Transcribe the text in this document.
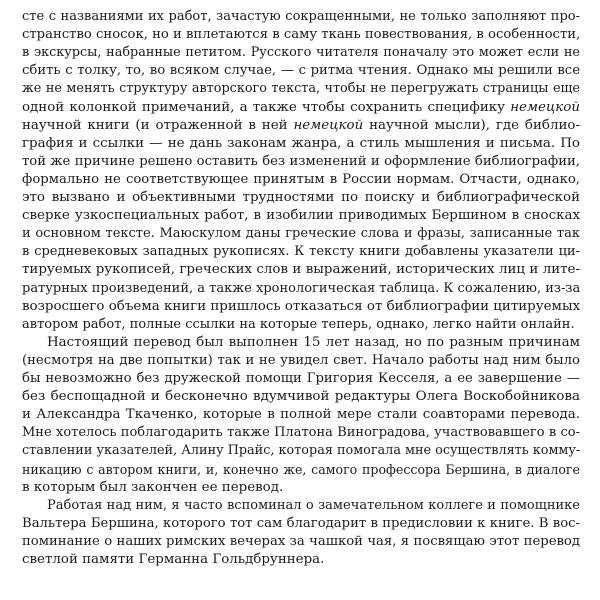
сте с названиями их работ, зачастую сокращенными, не только заполняют про-
странство сносок, но и вплетаются в саму ткань повествования, в особенности,
в экскурсы, набранные петитом. Русского читателя поначалу это может если не
сбить с толку, то, во всяком случае, — с ритма чтения. Однако мы решили все
же не менять структуру авторского текста, чтобы не перегружать страницы еще
одной колонкой примечаний, а также чтобы сохранить специфику немецкой
научной книги (и отраженной в ней немецкой научной мысли), где библио-
графия и ссылки — не дань законам жанра, а стиль мышления и письма. По
той же причине решено оставить без изменений и оформление библиографии,
формально не соответствующее принятым в России нормам. Отчасти, однако,
это вызвано и объективными трудностями по поиску и библиографической
сверке узкоспециальных работ, в изобилии приводимых Бершином в сносках
и основном тексте. Маюскулом даны греческие слова и фразы, записанные так
в средневековых западных рукописях. К тексту книги добавлены указатели ци-
тируемых рукописей, греческих слов и выражений, исторических лиц и лите-
ратурных произведений, а также хронологическая таблица. К сожалению, из-за
возросшего объема книги пришлось отказаться от библиографии цитируемых
автором работ, полные ссылки на которые теперь, однако, легко найти онлайн.
Настоящий перевод был выполнен 15 лет назад, но по разным причинам
(несмотря на две попытки) так и не увидел свет. Начало работы над ним было
бы невозможно без дружеской помощи Григория Кесселя, а ее завершение —
без беспощадной и бесконечно вдумчивой редактуры Олега Воскобойникова
и Александра Ткаченко, которые в полной мере стали соавторами перевода.
Мне хотелось поблагодарить также Платона Виноградова, участвовавшего в со-
ставлении указателей, Алину Прайс, которая помогала мне осуществлять комму-
никацию с автором книги, и, конечно же, самого профессора Бершина, в диалоге
в которым был закончен ее перевод.
Работая над ним, я часто вспоминал о замечательном коллеге и помощнике
Вальтера Бершина, которого тот сам благодарит в предисловии к книге. В вос-
поминание о наших римских вечерах за чашкой чая, я посвящаю этот перевод
светлой памяти Германна Гольдбруннера.
